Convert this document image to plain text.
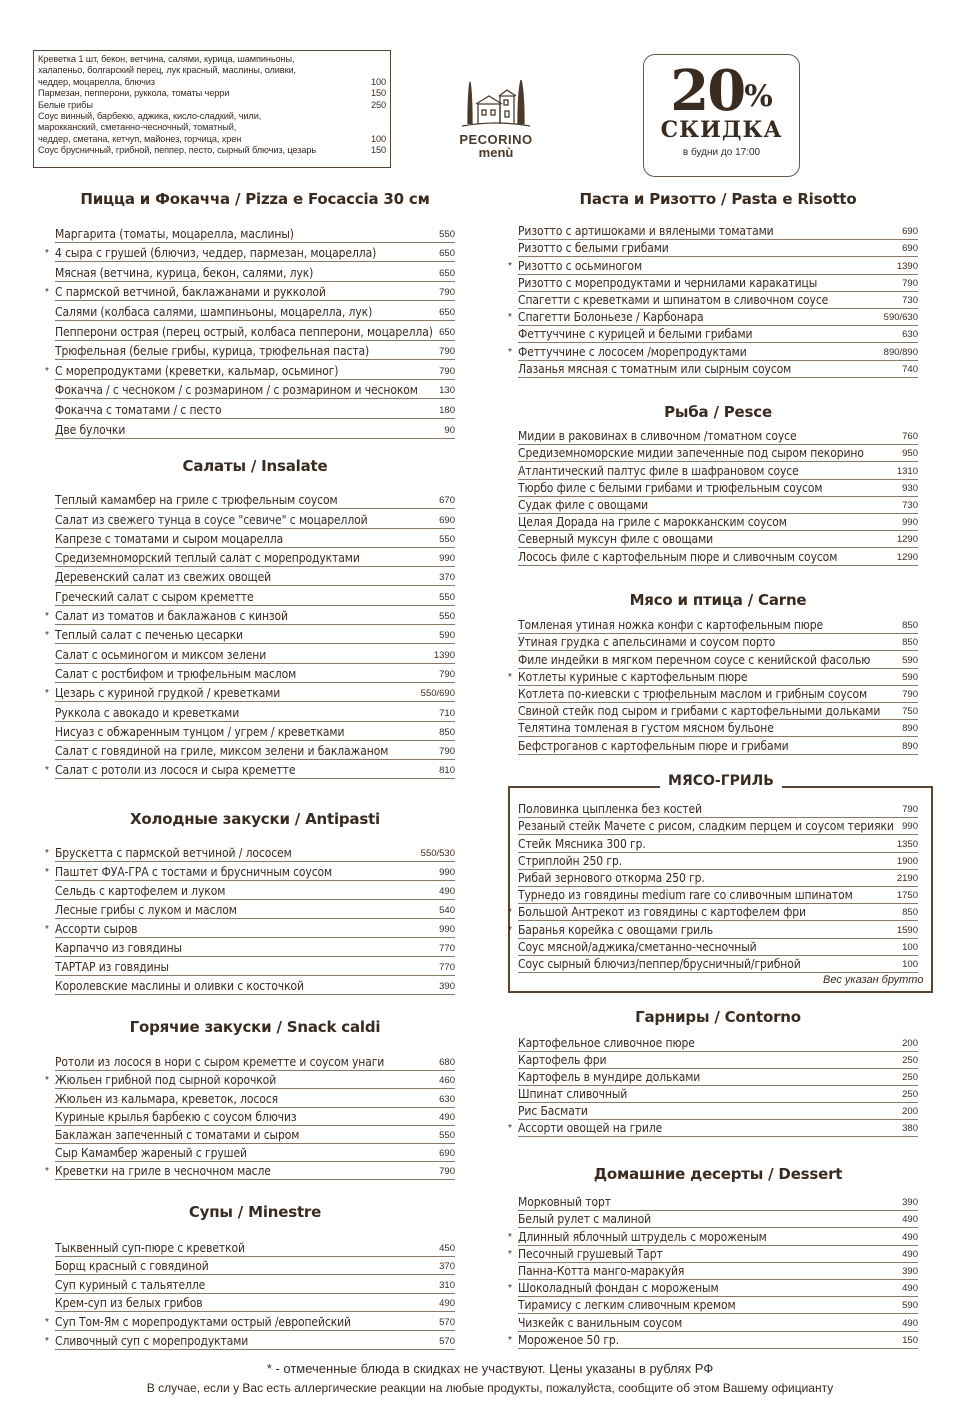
Креветка 1 шт, бекон, ветчина, салями, курица, шампиньоны,
халапеньо, болгарский перец, лук красный, маслины, оливки,
чеддер, моцарелла, блючиз	100
Пармезан, пепперони, руккола, томаты черри	150
Белые грибы	250
Соус винный, барбекю, аджика, кисло-сладкий, чили,
марокканский, сметанно-чесночный, томатный,
чеддер, сметана, кетчуп, майонез, горчица, хрен	100
Соус брусничный, грибной, пеппер, песто, сырный блючиз, цезарь	150
PECORINO
menù
20%
СКИДКА
в будни до 17:00
Пицца и Фокачча / Pizza e Focaccia 30 см
Маргарита (томаты, моцарелла, маслины)	550
* 4 сыра с грушей (блючиз, чеддер, пармезан, моцарелла)	650
Мясная (ветчина, курица, бекон, салями, лук)	650
* С пармской ветчиной, баклажанами и рукколой	790
Салями (колбаса салями, шампиньоны, моцарелла, лук)	650
Пепперони острая (перец острый, колбаса пепперони, моцарелла) 650
Трюфельная (белые грибы, курица, трюфельная паста)	790
* С морепродуктами (креветки, кальмар, осьминог)	790
Фокачча / с чесноком / с розмарином / с розмарином и чесноком 130
Фокачча с томатами / с песто	180
Две булочки	90
Салаты / Insalate
Теплый камамбер на гриле с трюфельным соусом	670
Салат из свежего тунца в соусе "севиче" с моцареллой	690
Капрезе с томатами и сыром моцарелла	550
Средиземноморский теплый салат с морепродуктами	990
Деревенский салат из свежих овощей	370
Греческий салат с сыром креметте	550
* Салат из томатов и баклажанов с кинзой	550
* Теплый салат с печенью цесарки	590
Салат с осьминогом и миксом зелени	1390
Салат с ростбифом и трюфельным маслом	790
* Цезарь с куриной грудкой / креветками	550/690
Руккола с авокадо и креветками	710
Нисуаз с обжаренным тунцом / угрем / креветками	850
Салат с говядиной на гриле, миксом зелени и баклажаном	790
* Салат с ротоли из лосося и сыра креметте	810
Холодные закуски / Antipasti
* Брускетта с пармской ветчиной / лососем	550/530
* Паштет ФУА-ГРА с тостами и брусничным соусом	990
Сельдь с картофелем и луком	490
Лесные грибы с луком и маслом	540
* Ассорти сыров	990
Карпаччо из говядины	770
ТАРТАР из говядины	770
Королевские маслины и оливки с косточкой	390
Горячие закуски / Snack caldi
Ротоли из лосося в нори с сыром креметте и соусом унаги	680
* Жюльен грибной под сырной корочкой	460
Жюльен из кальмара, креветок, лосося	630
Куриные крылья барбекю с соусом блючиз	490
Баклажан запеченный с томатами и сыром	550
Сыр Камамбер жареный с грушей	690
* Креветки на гриле в чесночном масле	790
Супы / Minestre
Тыквенный суп-пюре с креветкой	450
Борщ красный с говядиной	370
Суп куриный с тальятелле	310
Крем-суп из белых грибов	490
* Суп Том-Ям с морепродуктами острый /европейский	570
* Сливочный суп с морепродуктами	570
Паста и Ризотто / Pasta e Risotto
Ризотто с артишоками и вялеными томатами	690
Ризотто с белыми грибами	690
* Ризотто с осьминогом	1390
Ризотто с морепродуктами и чернилами каракатицы	790
Спагетти с креветками и шпинатом в сливочном соусе	730
* Спагетти Болоньезе / Карбонара	590/630
Феттуччине с курицей и белыми грибами	630
* Феттуччине с лососем /морепродуктами	890/890
Лазанья мясная с томатным или сырным соусом	740
Рыба / Pesce
Мидии в раковинах в сливочном /томатном соусе	760
Средиземноморские мидии запеченные под сыром пекорино	950
Атлантический палтус филе в шафрановом соусе	1310
Тюрбо филе с белыми грибами и трюфельным соусом	930
Судак филе с овощами	730
Целая Дорада на гриле с марокканским соусом	990
Северный муксун филе с овощами	1290
Лосось филе с картофельным пюре и сливочным соусом	1290
Мясо и птица / Carne
Томленая утиная ножка конфи с картофельным пюре	850
Утиная грудка с апельсинами и соусом порто	850
Филе индейки в мягком перечном соусе с кенийской фасолью	590
* Котлеты куриные с картофельным пюре	590
Котлета по-киевски с трюфельным маслом и грибным соусом	790
Свиной стейк под сыром и грибами с картофельными дольками 750
Телятина томленая в густом мясном бульоне	890
Бефстроганов с картофельным пюре и грибами	890
МЯСО-ГРИЛЬ
Половинка цыпленка без костей	790
Резаный стейк Мачете с рисом, сладким перцем и соусом терияки 990
Стейк Мясника 300 гр.	1350
Стриплойн 250 гр.	1900
Рибай зернового откорма 250 гр.	2190
Турнедо из говядины medium rare со сливочным шпинатом	1750
* Большой Антрекот из говядины с картофелем фри	850
* Баранья корейка с овощами гриль	1590
Соус мясной/аджика/сметанно-чесночный	100
Соус сырный блючиз/пеппер/брусничный/грибной	100
Гарниры / Contorno
Картофельное сливочное пюре	200
Картофель фри	250
Картофель в мундире дольками	250
Шпинат сливочный	250
Рис Басмати	200
* Ассорти овощей на гриле	380
Домашние десерты / Dessert
Морковный торт	390
Белый рулет с малиной	490
* Длинный яблочный штрудель с мороженым	490
* Песочный грушевый Тарт	490
Панна-Котта манго-маракуйя	390
* Шоколадный фондан с мороженым	490
Тирамису с легким сливочным кремом	590
Чизкейк с ванильным соусом	490
* Мороженое 50 гр.	150
Вес указан брутто
* - отмеченные блюда в скидках не участвуют. Цены указаны в рублях РФ
В случае, если у Вас есть аллергические реакции на любые продукты, пожалуйста, сообщите об этом Вашему официанту
